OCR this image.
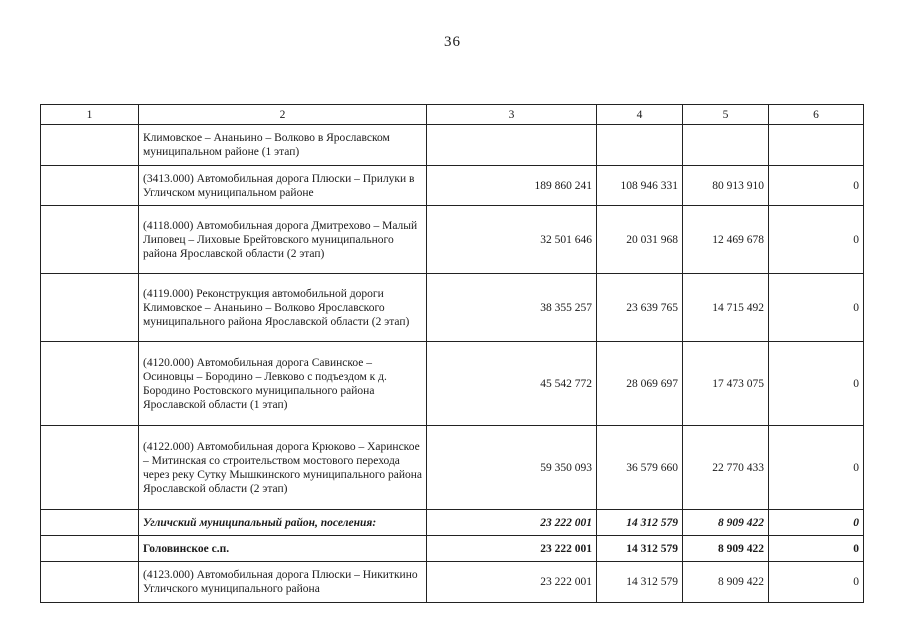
36
1	2	3	4	5	6
	Климовское – Ананьино – Волково в Ярославском муниципальном районе (1 этап)				
	(3413.000) Автомобильная дорога Плюски – Прилуки в Угличском муниципальном районе	189 860 241	108 946 331	80 913 910	0
	(4118.000) Автомобильная дорога Дмитрехово – Малый Липовец – Лиховые Брейтовского муниципального района Ярославской области (2 этап)	32 501 646	20 031 968	12 469 678	0
	(4119.000) Реконструкция автомобильной дороги Климовское – Ананьино – Волково Ярославского муниципального района Ярославской области (2 этап)	38 355 257	23 639 765	14 715 492	0
	(4120.000) Автомобильная дорога Савинское – Осиновцы – Бородино – Левково с подъездом к д. Бородино Ростовского муниципального района Ярославской области (1 этап)	45 542 772	28 069 697	17 473 075	0
	(4122.000) Автомобильная дорога Крюково – Харинское – Митинская со строительством мостового перехода через реку Сутку Мышкинского муниципального района Ярославской области (2 этап)	59 350 093	36 579 660	22 770 433	0
	Угличский муниципальный район, поселения:	23 222 001	14 312 579	8 909 422	0
	Головинское с.п.	23 222 001	14 312 579	8 909 422	0
	(4123.000) Автомобильная дорога Плюски – Никиткино Угличского муниципального района	23 222 001	14 312 579	8 909 422	0
